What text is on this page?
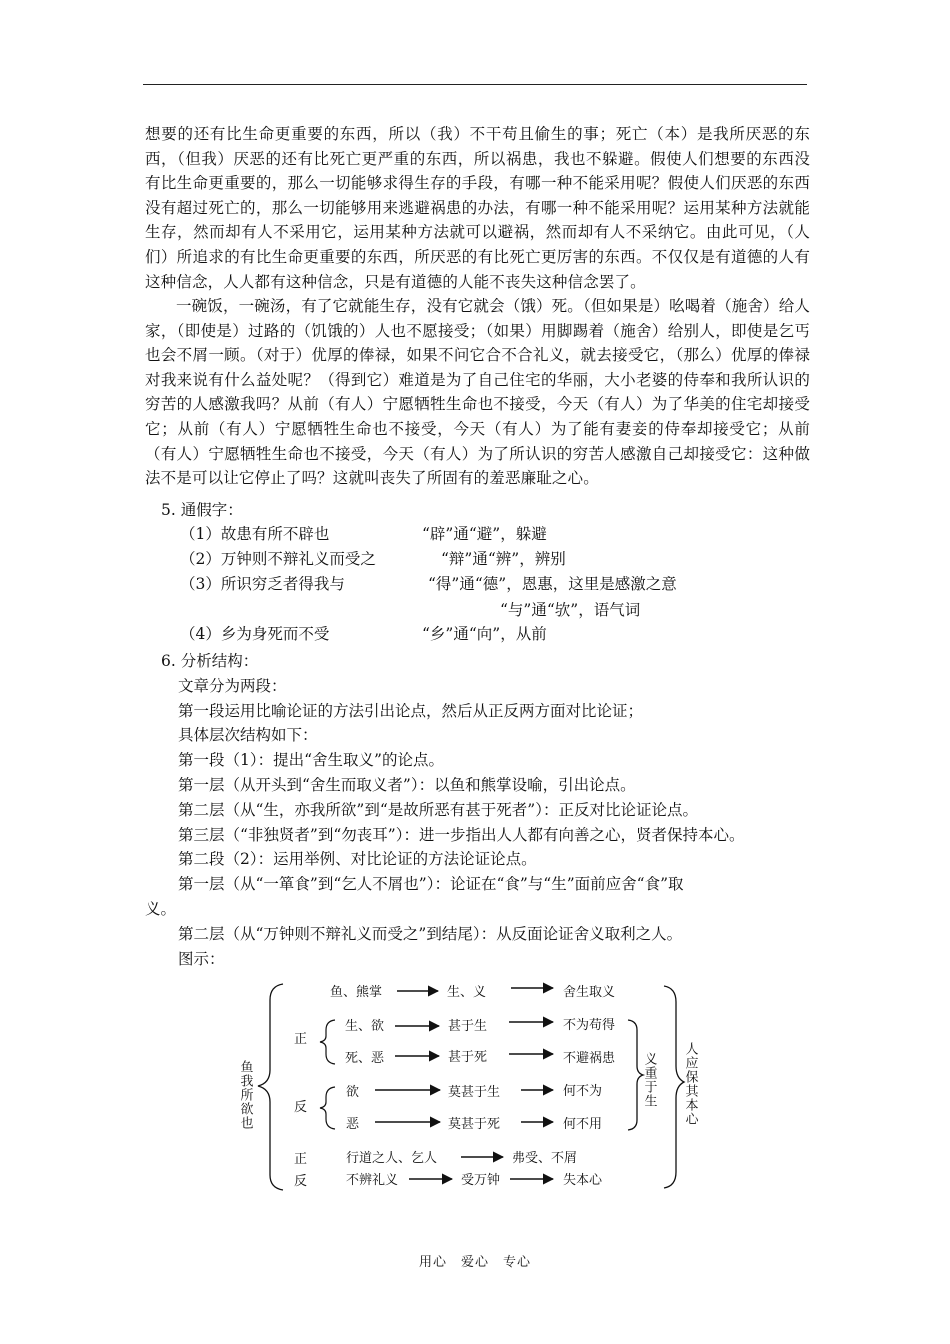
想要的还有比生命更重要的东西，所以（我）不干苟且偷生的事；死亡（本）是我所厌恶的东西，（但我）厌恶的还有比死亡更严重的东西，所以祸患，我也不躲避。假使人们想要的东西没有比生命更重要的，那么一切能够求得生存的手段，有哪一种不能采用呢？假使人们厌恶的东西没有超过死亡的，那么一切能够用来逃避祸患的办法，有哪一种不能采用呢？运用某种方法就能生存，然而却有人不采用它，运用某种方法就可以避祸，然而却有人不采纳它。由此可见，（人们）所追求的有比生命更重要的东西，所厌恶的有比死亡更厉害的东西。不仅仅是有道德的人有这种信念，人人都有这种信念，只是有道德的人能不丧失这种信念罢了。
一碗饭，一碗汤，有了它就能生存，没有它就会（饿）死。（但如果是）吆喝着（施舍）给人家，（即使是）过路的（饥饿的）人也不愿接受；（如果）用脚踢着（施舍）给别人，即使是乞丐也会不屑一顾。（对于）优厚的俸禄，如果不问它合不合礼义，就去接受它，（那么）优厚的俸禄对我来说有什么益处呢？（得到它）难道是为了自己住宅的华丽，大小老婆的侍奉和我所认识的穷苦的人感激我吗？从前（有人）宁愿牺牲生命也不接受，今天（有人）为了华美的住宅却接受它；从前（有人）宁愿牺牲生命也不接受，今天（有人）为了能有妻妾的侍奉却接受它；从前（有人）宁愿牺牲生命也不接受，今天（有人）为了所认识的穷苦人感激自己却接受它：这种做法不是可以让它停止了吗？这就叫丧失了所固有的羞恶廉耻之心。
5. 通假字：
（1）故患有所不辟也	“辟”通“避”，躲避
（2）万钟则不辩礼义而受之	“辩”通“辨”，辨别
（3）所识穷乏者得我与	“得”通“德”，恩惠，这里是感激之意
“与”通“欤”，语气词
（4）乡为身死而不受	“乡”通“向”，从前
6. 分析结构：
文章分为两段：
第一段运用比喻论证的方法引出论点，然后从正反两方面对比论证；
具体层次结构如下：
第一段（1）：提出“舍生取义”的论点。
第一层（从开头到“舍生而取义者”）：以鱼和熊掌设喻，引出论点。
第二层（从“生，亦我所欲”到“是故所恶有甚于死者”）：正反对比论证论点。
第三层（“非独贤者”到“勿丧耳”）：进一步指出人人都有向善之心，贤者保持本心。
第二段（2）：运用举例、对比论证的方法论证论点。
第一层（从“一箪食”到“乞人不屑也”）：论证在“食”与“生”面前应舍“食”取
义。
第二层（从“万钟则不辩礼义而受之”到结尾）：从反面论证舍义取利之人。
图示：
鱼我所欲也
鱼、熊掌	生、义	舍生取义
正
生、欲	甚于生	不为苟得
死、恶	甚于死	不避祸患
反
欲	莫甚于生	何不为
恶	莫甚于死	何不用
义重于生 人应保其本心
正	行道之人、乞人	弗受、不屑
反	不辨礼义	受万钟	失本心
用心　爱心　专心
